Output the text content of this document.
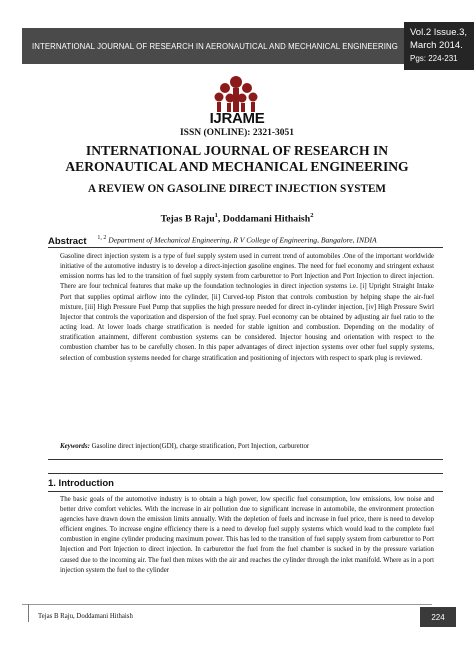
INTERNATIONAL JOURNAL OF RESEARCH IN AERONAUTICAL AND MECHANICAL ENGINEERING
Vol.2 Issue.3,
March 2014.
Pgs: 224-231
IJRAME
ISSN (ONLINE): 2321-3051
INTERNATIONAL JOURNAL OF RESEARCH IN
AERONAUTICAL AND MECHANICAL ENGINEERING
A REVIEW ON GASOLINE DIRECT INJECTION SYSTEM
Tejas B Raju$^1$, Doddamani Hithaish$^2$
$^{1, 2}$ Department of Mechanical Engineering, R V College of Engineering, Bangalore, INDIA
Abstract
Gasoline direct injection system is a type of fuel supply system used in current trend of automobiles .One of the important worldwide initiative of the automotive industry is to develop a direct-injection gasoline engines. The need for fuel economy and stringent exhaust emission norms has led to the transition of fuel supply system from carburettor to Port Injection and Port Injection to direct injection. There are four technical features that make up the foundation technologies in direct injection systems i.e. [i] Upright Straight Intake Port that supplies optimal airflow into the cylinder, [ii] Curved-top Piston that controls combustion by helping shape the air-fuel mixture, [iii] High Pressure Fuel Pump that supplies the high pressure needed for direct in-cylinder injection, [iv] High Pressure Swirl Injector that controls the vaporization and dispersion of the fuel spray. Fuel economy can be obtained by adjusting air fuel ratio to the acting load. At lower loads charge stratification is needed for stable ignition and combustion. Depending on the modality of stratification attainment, different combustion systems can be considered. Injector housing and orientation with respect to the combustion chamber has to be carefully chosen. In this paper advantages of direct injection systems over other fuel supply systems, selection of combustion systems needed for charge stratification and positioning of injectors with respect to spark plug is reviewed.
Keywords: Gasoline direct injection(GDI), charge stratification, Port Injection, carburettor
1. Introduction
The basic goals of the automotive industry is to obtain a high power, low specific fuel consumption, low emissions, low noise and better drive comfort vehicles. With the increase in air pollution due to significant increase in automobile, the environment protection agencies have drawn down the emission limits annually. With the depletion of fuels and increase in fuel price, there is need to develop efficient engines. To increase engine efficiency there is a need to develop fuel supply systems which would lead to the complete fuel combustion in engine cylinder producing maximum power. This has led to the transition of fuel supply system from carburettor to Port Injection and Port Injection to direct injection. In carburettor the fuel from the fuel chamber is sucked in by the pressure variation caused due to the incoming air. The fuel then mixes with the air and reaches the cylinder through the inlet manifold. Where as in a port injection system the fuel to the cylinder
Tejas B Raju, Doddamani Hithaish	224
